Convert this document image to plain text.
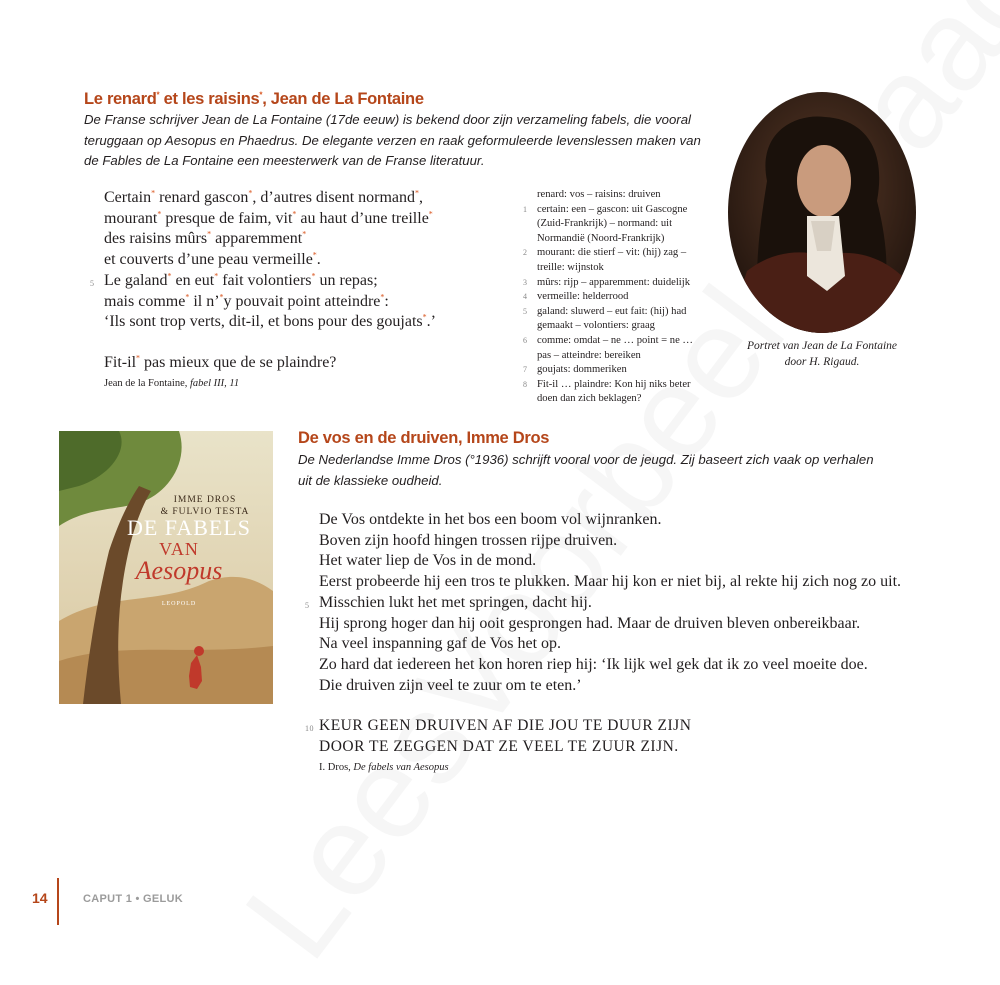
Le renard* et les raisins*, Jean de La Fontaine
De Franse schrijver Jean de La Fontaine (17de eeuw) is bekend door zijn verzameling fabels, die vooral teruggaan op Aesopus en Phaedrus. De elegante verzen en raak geformuleerde levenslessen maken van de Fables de La Fontaine een meesterwerk van de Franse literatuur.
Certain* renard gascon*, d’autres disent normand*,
mourant* presque de faim, vit* au haut d’une treille*
des raisins mûrs* apparemment*
et couverts d’une peau vermeille*.
5 Le galand* en eut* fait volontiers* un repas;
mais comme* il n’*y pouvait point atteindre*:
‘Ils sont trop verts, dit-il, et bons pour des goujats*.’
Fit-il* pas mieux que de se plaindre?
Jean de la Fontaine, fabel III, 11
renard: vos – raisins: druiven
1 certain: een – gascon: uit Gascogne (Zuid-Frankrijk) – normand: uit Normandië (Noord-Frankrijk)
2 mourant: die stierf – vit: (hij) zag – treille: wijnstok
3 mûrs: rijp – apparemment: duidelijk
4 vermeille: helderrood
5 galand: sluwerd – eut fait: (hij) had gemaakt – volontiers: graag
6 comme: omdat – ne … point = ne … pas – atteindre: bereiken
7 goujats: dommeriken
8 Fit-il … plaindre: Kon hij niks beter doen dan zich beklagen?
Portret van Jean de La Fontaine door H. Rigaud.
IMME DROS
& FULVIO TESTA
DE FABELS
VAN
Aesopus
LEOPOLD
De vos en de druiven, Imme Dros
De Nederlandse Imme Dros (°1936) schrijft vooral voor de jeugd. Zij baseert zich vaak op verhalen uit de klassieke oudheid.
De Vos ontdekte in het bos een boom vol wijnranken.
Boven zijn hoofd hingen trossen rijpe druiven.
Het water liep de Vos in de mond.
Eerst probeerde hij een tros te plukken. Maar hij kon er niet bij, al rekte hij zich nog zo uit.
5 Misschien lukt het met springen, dacht hij.
Hij sprong hoger dan hij ooit gesprongen had. Maar de druiven bleven onbereikbaar.
Na veel inspanning gaf de Vos het op.
Zo hard dat iedereen het kon horen riep hij: ‘Ik lijk wel gek dat ik zo veel moeite doe.
Die druiven zijn veel te zuur om te eten.’
10 KEUR GEEN DRUIVEN AF DIE JOU TE DUUR ZIJN
DOOR TE ZEGGEN DAT ZE VEEL TE ZUUR ZIJN.
I. Dros, De fabels van Aesopus
14	CAPUT 1 • GELUK
